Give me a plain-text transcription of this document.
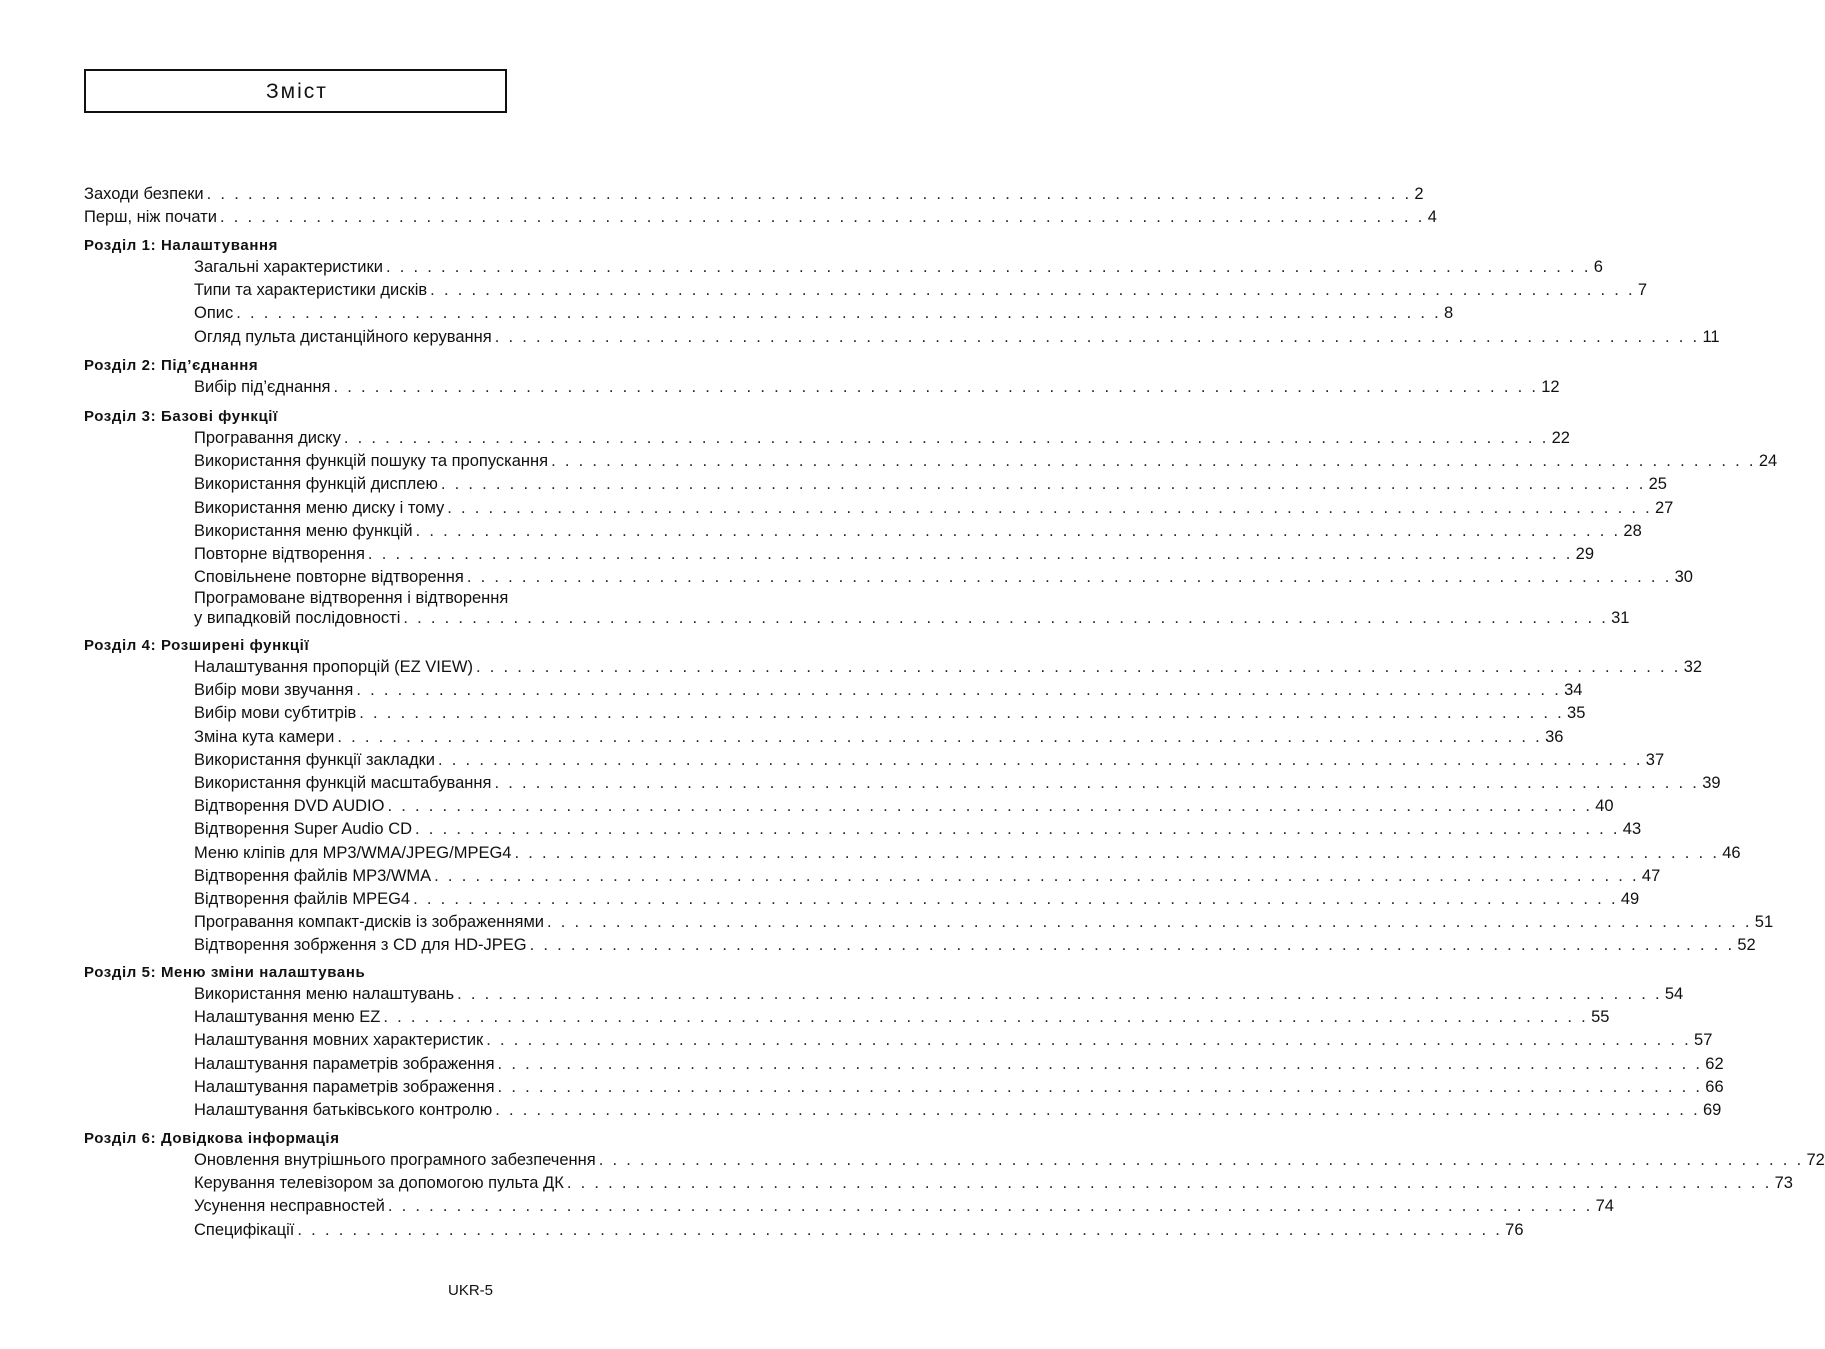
Зміст
Заходи безпеки . . . . . . . . . . . . . . . . . . . . . . . . . . . . . . . . . . . . . . . . . . . . . . . . . . . . . . . . . . . . . . . . . . . . . . . . . . . . . . . . . . . . . . . . 2
Перш, ніж почати . . . . . . . . . . . . . . . . . . . . . . . . . . . . . . . . . . . . . . . . . . . . . . . . . . . . . . . . . . . . . . . . . . . . . . . . . . . . . . . . . . . . . . . . 4
Розділ 1: Налаштування
Загальні характеристики . . . . . . . . . . . . . . . . . . . . . . . . . . . . . . . . . . . . . . . . . . . . . . . . . . . . . . . . . . . . . . . . . . . . . . . . . . . . . . . . . . . . . . . . 6
Типи та характеристики дисків . . . . . . . . . . . . . . . . . . . . . . . . . . . . . . . . . . . . . . . . . . . . . . . . . . . . . . . . . . . . . . . . . . . . . . . . . . . . . . . . . . . . . . . . 7
Опис . . . . . . . . . . . . . . . . . . . . . . . . . . . . . . . . . . . . . . . . . . . . . . . . . . . . . . . . . . . . . . . . . . . . . . . . . . . . . . . . . . . . . . . . 8
Огляд пульта дистанційного керування . . . . . . . . . . . . . . . . . . . . . . . . . . . . . . . . . . . . . . . . . . . . . . . . . . . . . . . . . . . . . . . . . . . . . . . . . . . . . . . . . . . . . . . . 11
Розділ 2: Під’єднання
Вибір під’єднання . . . . . . . . . . . . . . . . . . . . . . . . . . . . . . . . . . . . . . . . . . . . . . . . . . . . . . . . . . . . . . . . . . . . . . . . . . . . . . . . . . . . . . . . 12
Розділ 3: Базові функції
Програвання диску . . . . . . . . . . . . . . . . . . . . . . . . . . . . . . . . . . . . . . . . . . . . . . . . . . . . . . . . . . . . . . . . . . . . . . . . . . . . . . . . . . . . . . . . 22
Використання функцій пошуку та пропускання . . . . . . . . . . . . . . . . . . . . . . . . . . . . . . . . . . . . . . . . . . . . . . . . . . . . . . . . . . . . . . . . . . . . . . . . . . . . . . . . . . . . . . . . 24
Використання функцій дисплею . . . . . . . . . . . . . . . . . . . . . . . . . . . . . . . . . . . . . . . . . . . . . . . . . . . . . . . . . . . . . . . . . . . . . . . . . . . . . . . . . . . . . . . . 25
Використання меню диску і тому . . . . . . . . . . . . . . . . . . . . . . . . . . . . . . . . . . . . . . . . . . . . . . . . . . . . . . . . . . . . . . . . . . . . . . . . . . . . . . . . . . . . . . . . 27
Використання меню функцій . . . . . . . . . . . . . . . . . . . . . . . . . . . . . . . . . . . . . . . . . . . . . . . . . . . . . . . . . . . . . . . . . . . . . . . . . . . . . . . . . . . . . . . . 28
Повторне відтворення . . . . . . . . . . . . . . . . . . . . . . . . . . . . . . . . . . . . . . . . . . . . . . . . . . . . . . . . . . . . . . . . . . . . . . . . . . . . . . . . . . . . . . . . 29
Сповільнене повторне відтворення . . . . . . . . . . . . . . . . . . . . . . . . . . . . . . . . . . . . . . . . . . . . . . . . . . . . . . . . . . . . . . . . . . . . . . . . . . . . . . . . . . . . . . . . 30
Програмоване відтворення і відтворення
у випадковій послідовності . . . . . . . . . . . . . . . . . . . . . . . . . . . . . . . . . . . . . . . . . . . . . . . . . . . . . . . . . . . . . . . . . . . . . . . . . . . . . . . . . . . . . . . . 31
Розділ 4: Розширені функції
Налаштування пропорцій (EZ VIEW) . . . . . . . . . . . . . . . . . . . . . . . . . . . . . . . . . . . . . . . . . . . . . . . . . . . . . . . . . . . . . . . . . . . . . . . . . . . . . . . . . . . . . . . . 32
Вибір мови звучання . . . . . . . . . . . . . . . . . . . . . . . . . . . . . . . . . . . . . . . . . . . . . . . . . . . . . . . . . . . . . . . . . . . . . . . . . . . . . . . . . . . . . . . . 34
Вибір мови субтитрів . . . . . . . . . . . . . . . . . . . . . . . . . . . . . . . . . . . . . . . . . . . . . . . . . . . . . . . . . . . . . . . . . . . . . . . . . . . . . . . . . . . . . . . . 35
Зміна кута камери . . . . . . . . . . . . . . . . . . . . . . . . . . . . . . . . . . . . . . . . . . . . . . . . . . . . . . . . . . . . . . . . . . . . . . . . . . . . . . . . . . . . . . . . 36
Використання функції закладки . . . . . . . . . . . . . . . . . . . . . . . . . . . . . . . . . . . . . . . . . . . . . . . . . . . . . . . . . . . . . . . . . . . . . . . . . . . . . . . . . . . . . . . . 37
Використання функцій масштабування . . . . . . . . . . . . . . . . . . . . . . . . . . . . . . . . . . . . . . . . . . . . . . . . . . . . . . . . . . . . . . . . . . . . . . . . . . . . . . . . . . . . . . . . 39
Відтворення DVD AUDIO . . . . . . . . . . . . . . . . . . . . . . . . . . . . . . . . . . . . . . . . . . . . . . . . . . . . . . . . . . . . . . . . . . . . . . . . . . . . . . . . . . . . . . . . 40
Відтворення Super Audio CD . . . . . . . . . . . . . . . . . . . . . . . . . . . . . . . . . . . . . . . . . . . . . . . . . . . . . . . . . . . . . . . . . . . . . . . . . . . . . . . . . . . . . . . . 43
Меню кліпів для MP3/WMA/JPEG/MPEG4 . . . . . . . . . . . . . . . . . . . . . . . . . . . . . . . . . . . . . . . . . . . . . . . . . . . . . . . . . . . . . . . . . . . . . . . . . . . . . . . . . . . . . . . . 46
Відтворення файлів MP3/WMA . . . . . . . . . . . . . . . . . . . . . . . . . . . . . . . . . . . . . . . . . . . . . . . . . . . . . . . . . . . . . . . . . . . . . . . . . . . . . . . . . . . . . . . . 47
Відтворення файлів MPEG4 . . . . . . . . . . . . . . . . . . . . . . . . . . . . . . . . . . . . . . . . . . . . . . . . . . . . . . . . . . . . . . . . . . . . . . . . . . . . . . . . . . . . . . . . 49
Програвання компакт-дисків із зображеннями . . . . . . . . . . . . . . . . . . . . . . . . . . . . . . . . . . . . . . . . . . . . . . . . . . . . . . . . . . . . . . . . . . . . . . . . . . . . . . . . . . . . . . . . 51
Відтворення зобрження з CD для HD-JPEG . . . . . . . . . . . . . . . . . . . . . . . . . . . . . . . . . . . . . . . . . . . . . . . . . . . . . . . . . . . . . . . . . . . . . . . . . . . . . . . . . . . . . . . . 52
Розділ 5: Меню зміни налаштувань
Використання меню налаштувань . . . . . . . . . . . . . . . . . . . . . . . . . . . . . . . . . . . . . . . . . . . . . . . . . . . . . . . . . . . . . . . . . . . . . . . . . . . . . . . . . . . . . . . . 54
Налаштування меню EZ . . . . . . . . . . . . . . . . . . . . . . . . . . . . . . . . . . . . . . . . . . . . . . . . . . . . . . . . . . . . . . . . . . . . . . . . . . . . . . . . . . . . . . . . 55
Налаштування мовних характеристик . . . . . . . . . . . . . . . . . . . . . . . . . . . . . . . . . . . . . . . . . . . . . . . . . . . . . . . . . . . . . . . . . . . . . . . . . . . . . . . . . . . . . . . . 57
Налаштування параметрів зображення . . . . . . . . . . . . . . . . . . . . . . . . . . . . . . . . . . . . . . . . . . . . . . . . . . . . . . . . . . . . . . . . . . . . . . . . . . . . . . . . . . . . . . . . 62
Налаштування параметрів зображення . . . . . . . . . . . . . . . . . . . . . . . . . . . . . . . . . . . . . . . . . . . . . . . . . . . . . . . . . . . . . . . . . . . . . . . . . . . . . . . . . . . . . . . . 66
Налаштування батьківського контролю . . . . . . . . . . . . . . . . . . . . . . . . . . . . . . . . . . . . . . . . . . . . . . . . . . . . . . . . . . . . . . . . . . . . . . . . . . . . . . . . . . . . . . . . 69
Розділ 6: Довідкова інформація
Оновлення внутрішнього програмного забезпечення . . . . . . . . . . . . . . . . . . . . . . . . . . . . . . . . . . . . . . . . . . . . . . . . . . . . . . . . . . . . . . . . . . . . . . . . . . . . . . . . . . . . . . . . 72
Керування телевізором за допомогою пульта ДК . . . . . . . . . . . . . . . . . . . . . . . . . . . . . . . . . . . . . . . . . . . . . . . . . . . . . . . . . . . . . . . . . . . . . . . . . . . . . . . . . . . . . . . . 73
Усунення несправностей . . . . . . . . . . . . . . . . . . . . . . . . . . . . . . . . . . . . . . . . . . . . . . . . . . . . . . . . . . . . . . . . . . . . . . . . . . . . . . . . . . . . . . . . 74
Специфікації . . . . . . . . . . . . . . . . . . . . . . . . . . . . . . . . . . . . . . . . . . . . . . . . . . . . . . . . . . . . . . . . . . . . . . . . . . . . . . . . . . . . . . . . 76
UKR-5
